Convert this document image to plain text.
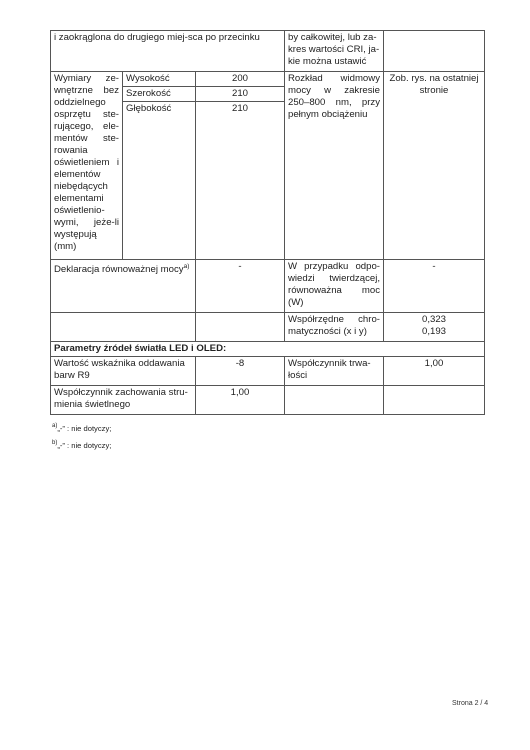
i zaokrąglona do drugiego miej-sca po przecinku			by całkowitej, lub za-kres wartości CRI, ja-kie można ustawić	
Wymiary ze-wnętrzne bez oddzielnego osprzętu ste-rującego, ele-mentów ste-rowania oświetleniem i elementów niebędących elementami oświetlenio-wymi, jeże-li występują (mm)	Wysokość	200	Rozkład widmowy mocy w zakresie 250–800 nm, przy pełnym obciążeniu	Zob. rys. na ostatniej stronie
	Szerokość	210		
	Głębokość	210		
Deklaracja równoważnej mocy$^{a)}$		-	W przypadku odpo-wiedzi twierdzącej, równoważna moc (W)	-
			Współrzędne chro-matyczności (x i y)	0,323
0,193

Parametry źródeł światła LED i OLED:				
Wartość wskaźnika oddawania barw R9		-8	Współczynnik trwa-łości	1,00
Współczynnik zachowania stru-mienia świetlnego		1,00		
$^{a)}$„-” : nie dotyczy;
$^{b)}$„-” : nie dotyczy;
Strona 2 / 4
